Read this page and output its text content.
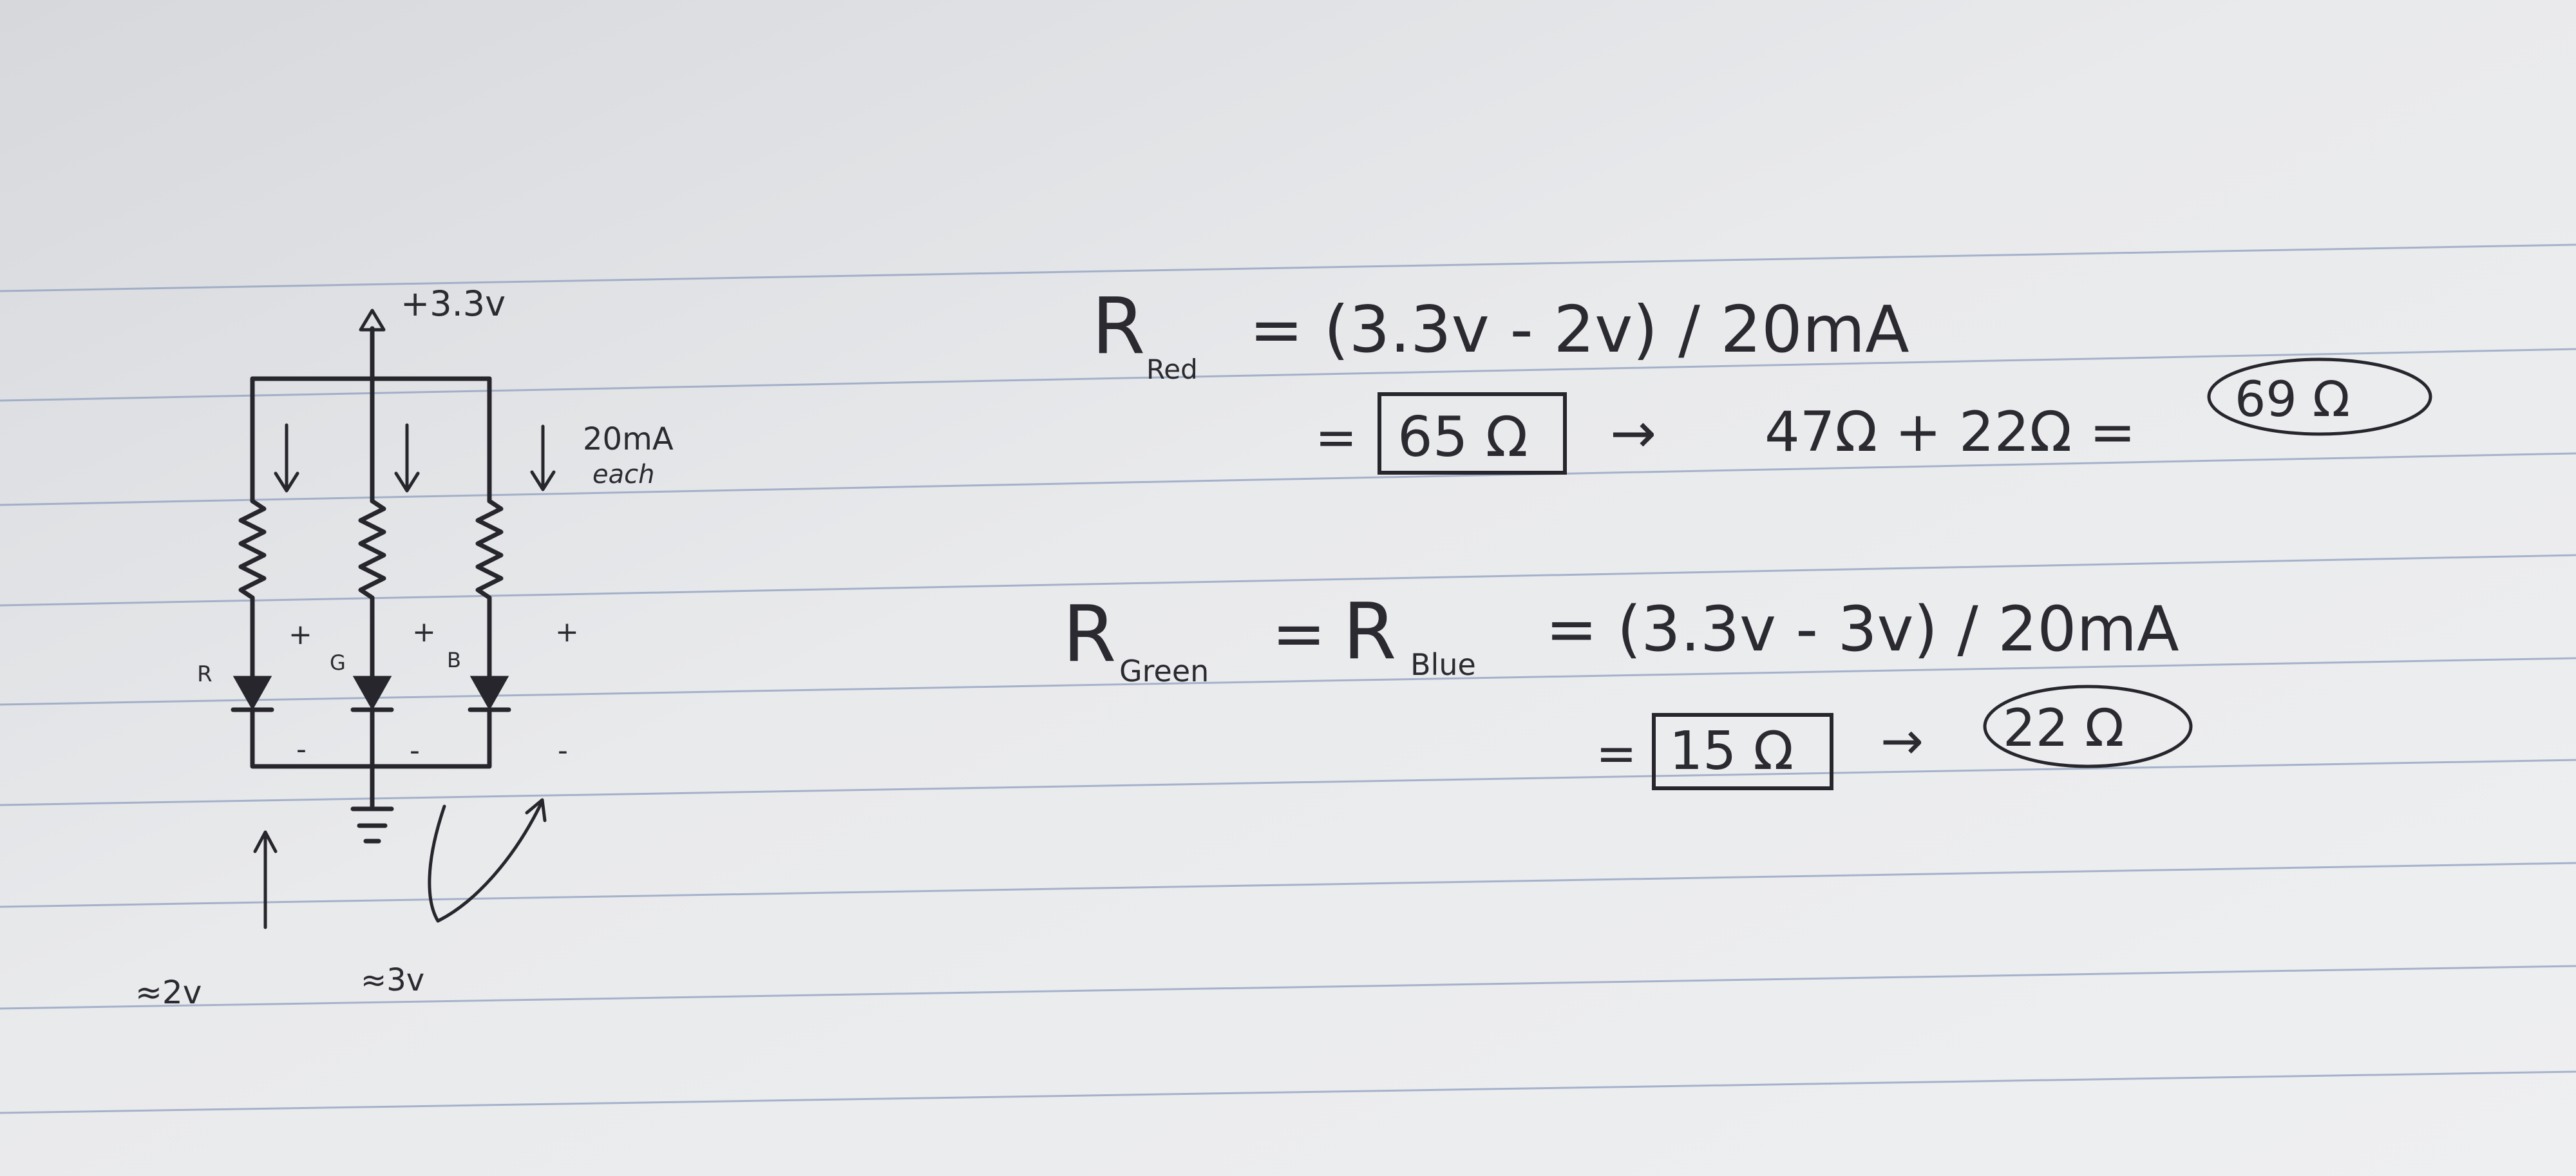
+3.3v
20mA
each
R	G	B
+	+	+
-	-	-
≈2v	≈3v
R Red
= (3.3v - 2v) / 20mA
= 65 Ω → 47Ω + 22Ω =
69 Ω
R Green = R Blue = (3.3v - 3v) / 20mA
= 15 Ω → 22 Ω
